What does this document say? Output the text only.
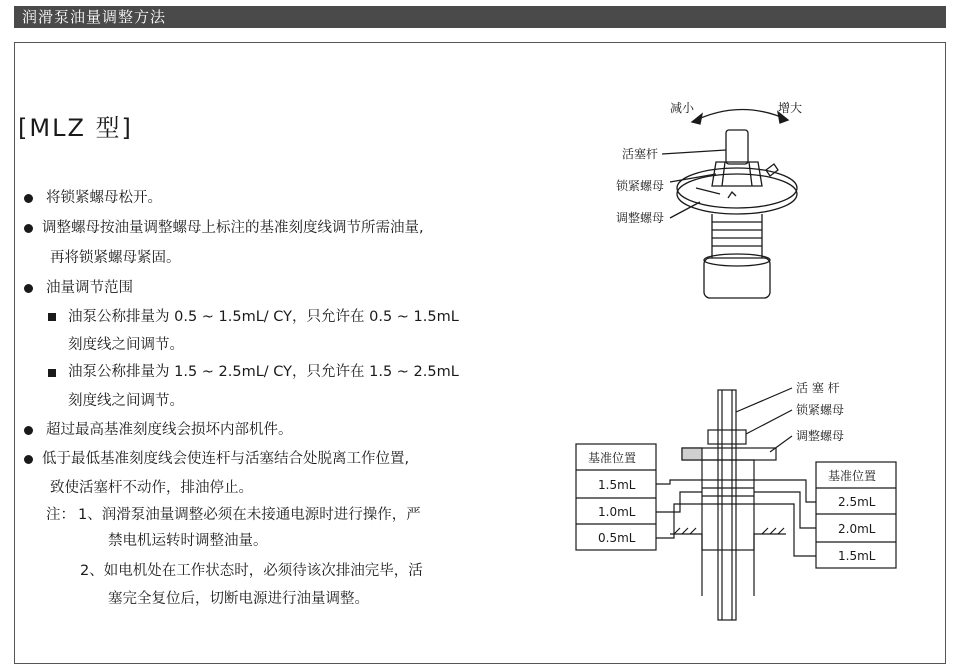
润滑泵油量调整方法
[MLZ 型]
将锁紧螺母松开。
调整螺母按油量调整螺母上标注的基准刻度线调节所需油量,
再将锁紧螺母紧固。
油量调节范围
油泵公称排量为 0.5 ~ 1.5mL/ CY，只允许在 0.5 ~ 1.5mL
刻度线之间调节。
油泵公称排量为 1.5 ~ 2.5mL/ CY，只允许在 1.5 ~ 2.5mL
刻度线之间调节。
超过最高基准刻度线会损坏内部机件。
低于最低基准刻度线会使连杆与活塞结合处脱离工作位置,
致使活塞杆不动作，排油停止。
注： 1、润滑泵油量调整必须在未接通电源时进行操作，严
禁电机运转时调整油量。
2、如电机处在工作状态时，必须待该次排油完毕，活
塞完全复位后，切断电源进行油量调整。
减小	增大
活塞杆
锁紧螺母
调整螺母
活 塞 杆
锁紧螺母
调整螺母
基准位置
1.5mL
1.0mL
0.5mL
基准位置
2.5mL
2.0mL
1.5mL
